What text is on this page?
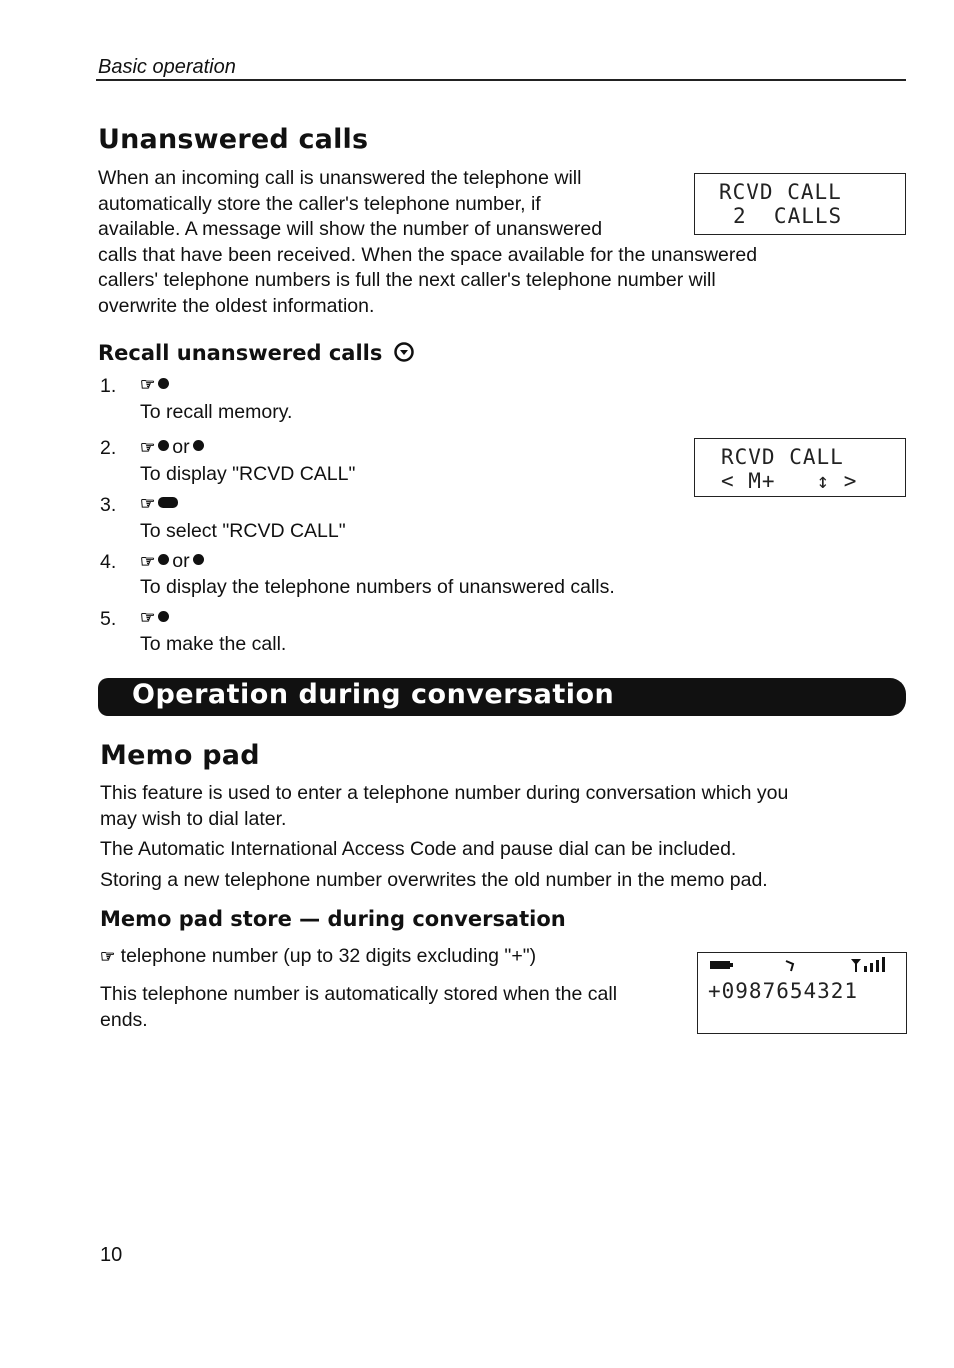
Basic operation
Unanswered calls
When an incoming call is unanswered the telephone will
automatically store the caller's telephone number, if
available. A message will show the number of unanswered
calls that have been received. When the space available for the unanswered
callers' telephone numbers is full the next caller's telephone number will
overwrite the oldest information.
RCVD CALL
2  CALLS
Recall unanswered calls
1. ☞
To recall memory.
2. ☞ or
To display "RCVD CALL"
3. ☞
To select "RCVD CALL"
4. ☞ or
To display the telephone numbers of unanswered calls.
5. ☞
To make the call.
RCVD CALL
< M+   ↕ >
Operation during conversation
Memo pad
This feature is used to enter a telephone number during conversation which you
may wish to dial later.
The Automatic International Access Code and pause dial can be included.
Storing a new telephone number overwrites the old number in the memo pad.
Memo pad store — during conversation
☞ telephone number (up to 32 digits excluding "+")
This telephone number is automatically stored when the call
ends.
+0987654321
10
